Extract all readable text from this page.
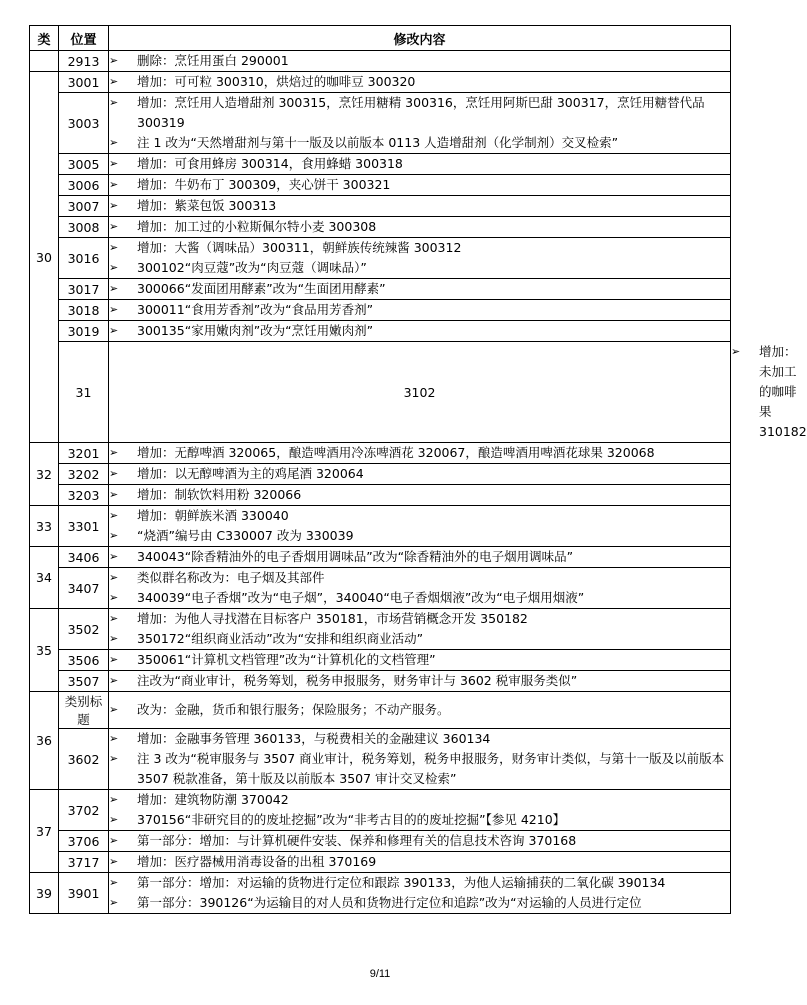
类	位置	修改内容	
	2913	➢ 删除：烹饪用蛋白 290001	

30	3001	➢ 增加：可可粒 300310，烘焙过的咖啡豆 300320	

	3003	➢ 增加：烹饪用人造增甜剂 300315，烹饪用糖精 300316，烹饪用阿斯巴甜 300317，烹饪用糖替代品 300319
➢ 注 1 改为“天然增甜剂与第十一版及以前版本 0113 人造增甜剂（化学制剂）交叉检索”	

	3005	➢ 增加：可食用蜂房 300314，食用蜂蜡 300318	

	3006	➢ 增加：牛奶布丁 300309，夹心饼干 300321	

	3007	➢ 增加：紫菜包饭 300313	

	3008	➢ 增加：加工过的小粒斯佩尔特小麦 300308	

	3016	➢ 增加：大酱（调味品）300311，朝鲜族传统辣酱 300312
➢ 300102“肉豆蔻”改为“肉豆蔻（调味品）”	

	3017	➢ 300066“发面团用酵素”改为“生面团用酵素”	

	3018	➢ 300011“食用芳香剂”改为“食品用芳香剂”	

	3019	➢ 300135“家用嫩肉剂”改为“烹饪用嫩肉剂”	

	31	3102	➢ 增加：未加工的咖啡果 310182

32	3201	➢ 增加：无醇啤酒 320065，酿造啤酒用冷冻啤酒花 320067，酿造啤酒用啤酒花球果 320068	

	3202	➢ 增加：以无醇啤酒为主的鸡尾酒 320064	

	3203	➢ 增加：制软饮料用粉 320066	

33	3301	➢ 增加：朝鲜族米酒 330040
➢ “烧酒”编号由 C330007 改为 330039	

34	3406	➢ 340043“除香精油外的电子香烟用调味品”改为“除香精油外的电子烟用调味品”	

	3407	➢ 类似群名称改为：电子烟及其部件
➢ 340039“电子香烟”改为“电子烟”，340040“电子香烟烟液”改为“电子烟用烟液”	

35	3502	➢ 增加：为他人寻找潜在目标客户 350181，市场营销概念开发 350182
➢ 350172“组织商业活动”改为“安排和组织商业活动”	

	3506	➢ 350061“计算机文档管理”改为“计算机化的文档管理”	

	3507	➢ 注改为“商业审计，税务筹划，税务申报服务，财务审计与 3602 税审服务类似”	

36	类别标题	➢ 改为：金融，货币和银行服务；保险服务；不动产服务。	

	3602	➢ 增加：金融事务管理 360133，与税费相关的金融建议 360134
➢ 注 3 改为“税审服务与 3507 商业审计，税务筹划，税务申报服务，财务审计类似，与第十一版及以前版本 3507 税款准备，第十版及以前版本 3507 审计交叉检索”	

37	3702	➢ 增加：建筑物防潮 370042
➢ 370156“非研究目的的废址挖掘”改为“非考古目的的废址挖掘”【参见 4210】	

	3706	➢ 第一部分：增加：与计算机硬件安装、保养和修理有关的信息技术咨询 370168	

	3717	➢ 增加：医疗器械用消毒设备的出租 370169	

39	3901	➢ 第一部分：增加：对运输的货物进行定位和跟踪 390133，为他人运输捕获的二氧化碳 390134
➢ 第一部分：390126“为运输目的对人员和货物进行定位和追踪”改为“对运输的人员进行定位	
9/11
